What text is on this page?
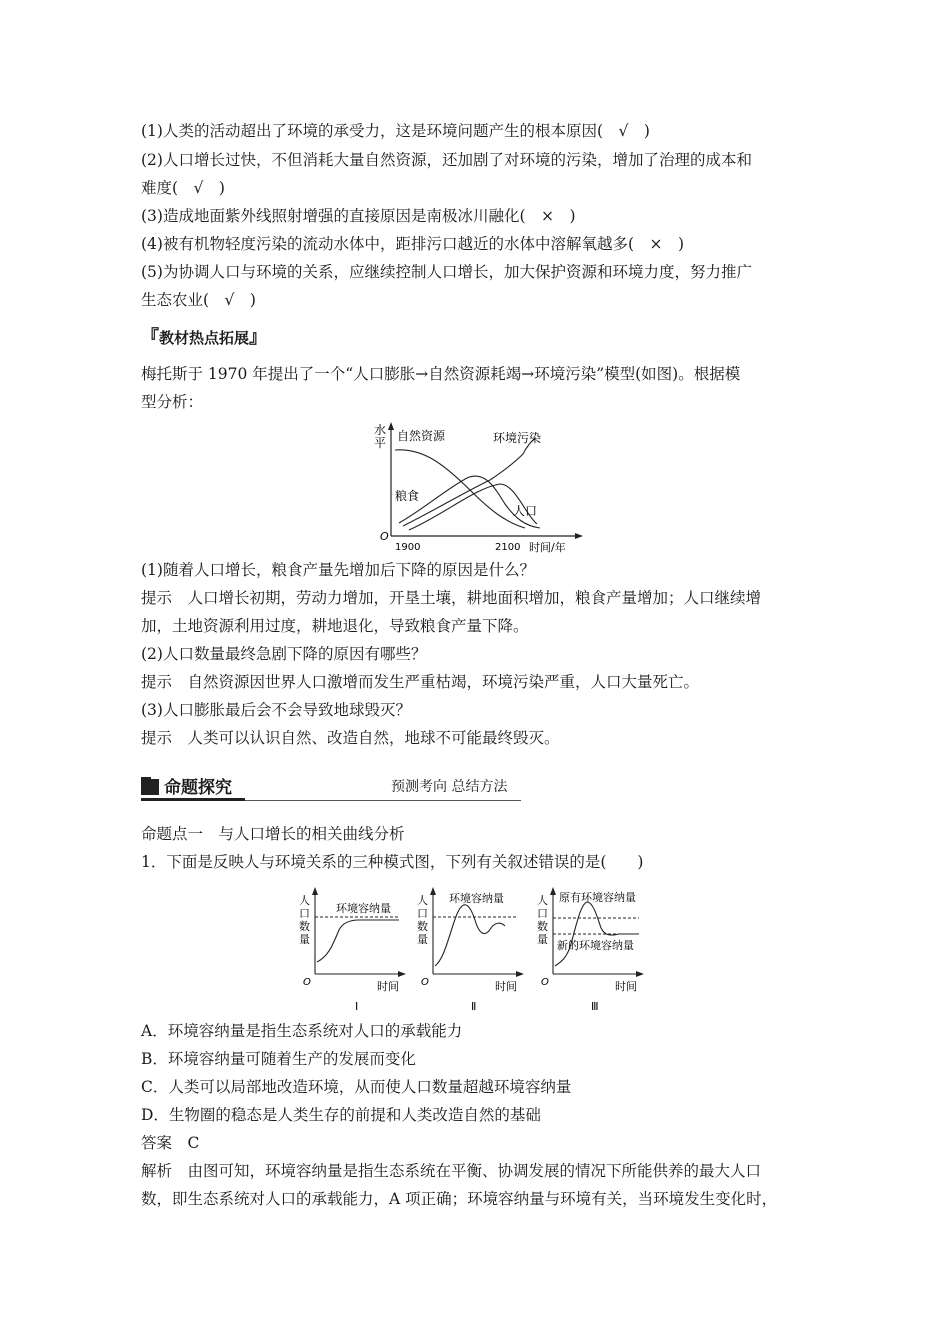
(1)人类的活动超出了环境的承受力，这是环境问题产生的根本原因(　√　)
(2)人口增长过快，不但消耗大量自然资源，还加剧了对环境的污染，增加了治理的成本和
难度(　√　)
(3)造成地面紫外线照射增强的直接原因是南极冰川融化(　×　)
(4)被有机物轻度污染的流动水体中，距排污口越近的水体中溶解氧越多(　×　)
(5)为协调人口与环境的关系，应继续控制人口增长，加大保护资源和环境力度，努力推广
生态农业(　√　)
『教材热点拓展』
梅托斯于 1970 年提出了一个“人口膨胀→自然资源耗竭→环境污染”模型(如图)。根据模
型分析：
水
平
O
1900	2100 时间/年
自然资源	环境污染
粮食
人口
(1)随着人口增长，粮食产量先增加后下降的原因是什么？
提示　人口增长初期，劳动力增加，开垦土壤，耕地面积增加，粮食产量增加；人口继续增
加，土地资源利用过度，耕地退化，导致粮食产量下降。
(2)人口数量最终急剧下降的原因有哪些？
提示　自然资源因世界人口激增而发生严重枯竭，环境污染严重，人口大量死亡。
(3)人口膨胀最后会不会导致地球毁灭？
提示　人类可以认识自然、改造自然，地球不可能最终毁灭。
命题探究	预测考向 总结方法
命题点一　与人口增长的相关曲线分析
1．下面是反映人与环境关系的三种模式图，下列有关叙述错误的是(　　)
人
口
数
量
O	时间
环境容纳量
Ⅰ
人
口
数
量
O	时间
环境容纳量
Ⅱ
人
口
数
量
O	时间
原有环境容纳量
新的环境容纳量
Ⅲ
A．环境容纳量是指生态系统对人口的承载能力
B．环境容纳量可随着生产的发展而变化
C．人类可以局部地改造环境，从而使人口数量超越环境容纳量
D．生物圈的稳态是人类生存的前提和人类改造自然的基础
答案　C
解析　由图可知，环境容纳量是指生态系统在平衡、协调发展的情况下所能供养的最大人口
数，即生态系统对人口的承载能力，A 项正确；环境容纳量与环境有关，当环境发生变化时，
